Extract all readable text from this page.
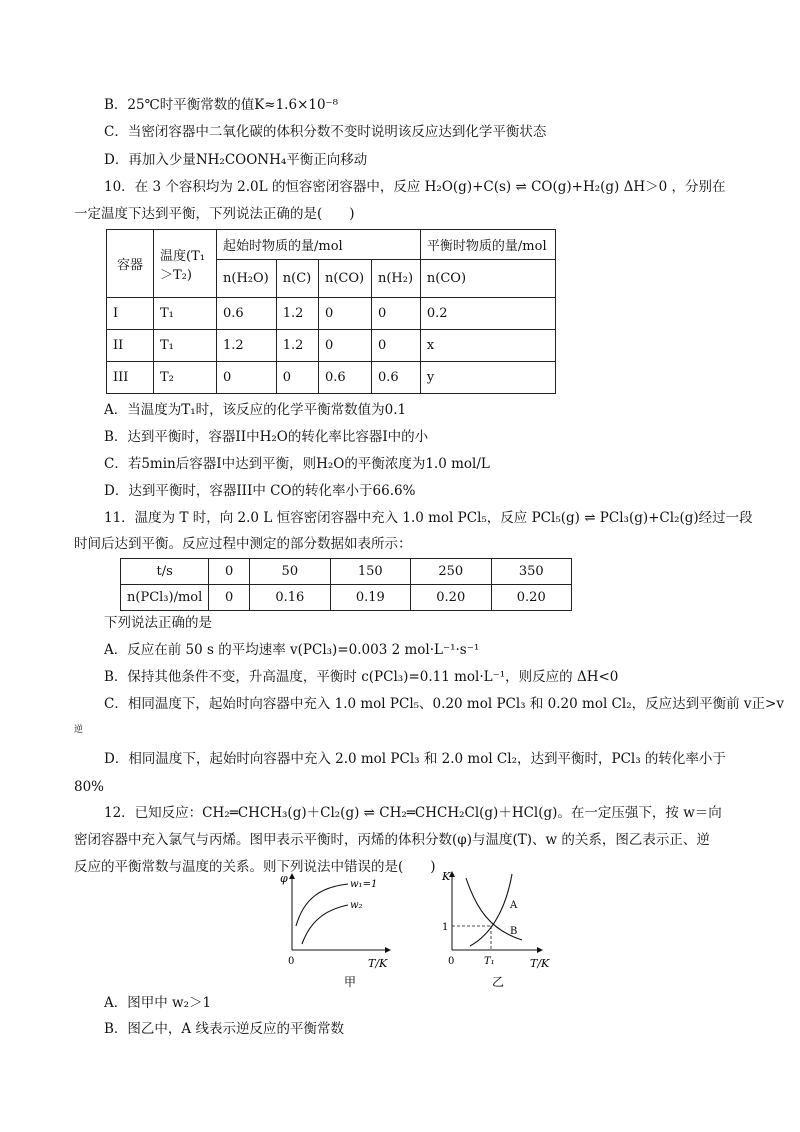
B．25℃时平衡常数的值K≈1.6×10⁻⁸
C．当密闭容器中二氧化碳的体积分数不变时说明该反应达到化学平衡状态
D．再加入少量NH₂COONH₄平衡正向移动
10．在 3 个容积均为 2.0L 的恒容密闭容器中，反应 H₂O(g)+C(s) ⇌ CO(g)+H₂(g) ΔH＞0 ，分别在
一定温度下达到平衡，下列说法正确的是(　　)
容器	温度(T₁＞T₂)	起始时物质的量/mol				平衡时物质的量/mol
		n(H₂O)	n(C)	n(CO)	n(H₂)	n(CO)
I	T₁	0.6	1.2	0	0	0.2
II	T₁	1.2	1.2	0	0	x
III	T₂	0	0	0.6	0.6	y
A．当温度为T₁时，该反应的化学平衡常数值为0.1
B．达到平衡时，容器II中H₂O的转化率比容器I中的小
C．若5min后容器I中达到平衡，则H₂O的平衡浓度为1.0 mol/L
D．达到平衡时，容器III中 CO的转化率小于66.6%
11．温度为 T 时，向 2.0 L 恒容密闭容器中充入 1.0 mol PCl₅，反应 PCl₅(g) ⇌ PCl₃(g)+Cl₂(g)经过一段
时间后达到平衡。反应过程中测定的部分数据如表所示：
t/s	0	50	150	250	350
n(PCl₃)/mol	0	0.16	0.19	0.20	0.20
下列说法正确的是
A．反应在前 50 s 的平均速率 v(PCl₃)=0.003 2 mol·L⁻¹·s⁻¹
B．保持其他条件不变，升高温度，平衡时 c(PCl₃)=0.11 mol·L⁻¹，则反应的 ΔH<0
C．相同温度下，起始时向容器中充入 1.0 mol PCl₅、0.20 mol PCl₃ 和 0.20 mol Cl₂，反应达到平衡前 v正>v
逆
D．相同温度下，起始时向容器中充入 2.0 mol PCl₃ 和 2.0 mol Cl₂，达到平衡时，PCl₃ 的转化率小于
80%
12．已知反应：CH₂═CHCH₃(g)＋Cl₂(g) ⇌ CH₂═CHCH₂Cl(g)＋HCl(g)。在一定压强下，按 w＝向
密闭容器中充入氯气与丙烯。图甲表示平衡时，丙烯的体积分数(φ)与温度(T)、w 的关系，图乙表示正、逆
反应的平衡常数与温度的关系。则下列说法中错误的是(　　)
φ
0	T/K
w₁=1
w₂
甲
K
0	T/K
1
T₁
A
B
乙
A．图甲中 w₂＞1
B．图乙中，A 线表示逆反应的平衡常数
